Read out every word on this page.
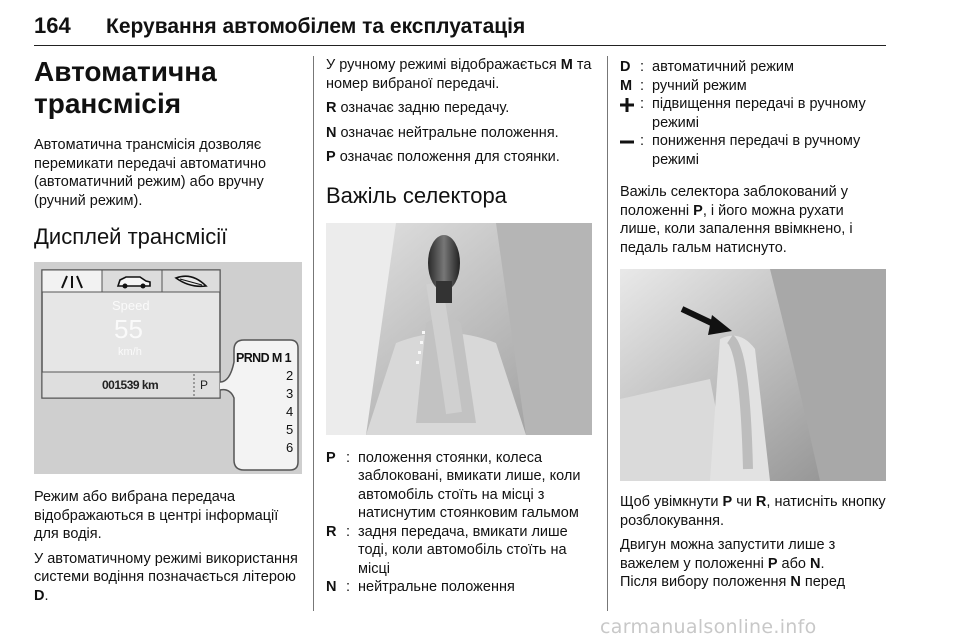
164	Керування автомобілем та експлуатація
Автоматична
трансмісія

Автоматична трансмісія дозволяє перемикати передачі автоматично (автоматичний режим) або вручну (ручний режим).

Дисплей трансмісії
Speed
55
km/h
001539 km	P
PRND M 1
2
3
4
5
6

Режим або вибрана передача відображаються в центрі інформації для водія.

У автоматичному режимі використання системи водіння позначається літерою D.

У ручному режимі відображається M та номер вибраної передачі.

R означає задню передачу.

N означає нейтральне положення.

P означає положення для стоянки.

Важіль селектора
P : положення стоянки, колеса заблоковані, вмикати лише, коли автомобіль стоїть на місці з натиснутим стоянковим гальмом
R : задня передача, вмикати лише тоді, коли автомобіль стоїть на місці
N : нейтральне положення
D : автоматичний режим
M : ручний режим
: підвищення передачі в ручному режимі
: пониження передачі в ручному режимі

Важіль селектора заблокований у положенні P, і його можна рухати лише, коли запалення ввімкнено, і педаль гальм натиснуто.

Щоб увімкнути P чи R, натисніть кнопку розблокування.

Двигун можна запустити лише з важелем у положенні P або N.

Після вибору положення N перед

carmanualsonline.info
